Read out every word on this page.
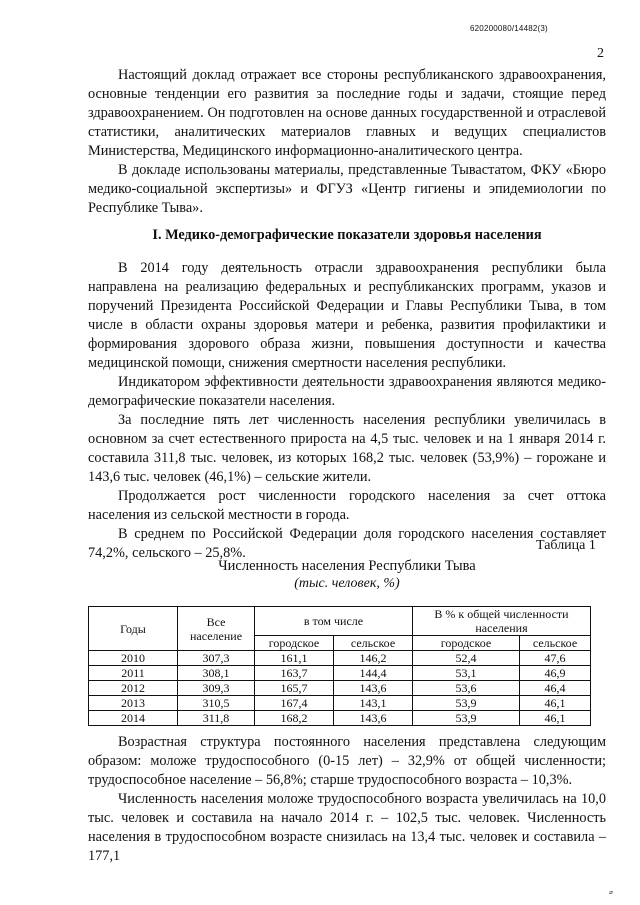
620200080/14482(3)
2

Настоящий доклад отражает все стороны республиканского здравоохранения, основные тенденции его развития за последние годы и задачи, стоящие перед здравоохранением. Он подготовлен на основе данных государственной и отраслевой статистики, аналитических материалов главных и ведущих специалистов Министерства, Медицинского информационно-аналитического центра.

В докладе использованы материалы, представленные Тывастатом, ФКУ «Бюро медико-социальной экспертизы» и ФГУЗ «Центр гигиены и эпидемиологии по Республике Тыва».

I. Медико-демографические показатели здоровья населения

В 2014 году деятельность отрасли здравоохранения республики была направлена на реализацию федеральных и республиканских программ, указов и поручений Президента Российской Федерации и Главы Республики Тыва, в том числе в области охраны здоровья матери и ребенка, развития профилактики и формирования здорового образа жизни, повышения доступности и качества медицинской помощи, снижения смертности населения республики.

Индикатором эффективности деятельности здравоохранения являются медико-демографические показатели населения.

За последние пять лет численность населения республики увеличилась в основном за счет естественного прироста на 4,5 тыс. человек и на 1 января 2014 г. составила 311,8 тыс. человек, из которых 168,2 тыс. человек (53,9%) – горожане и 143,6 тыс. человек (46,1%) – сельские жители.

Продолжается рост численности городского населения за счет оттока населения из сельской местности в города.

В среднем по Российской Федерации доля городского населения составляет 74,2%, сельского – 25,8%.	Таблица 1
Численность населения Республики Тыва
(тыс. человек, %)
Годы	Все население	в том числе		В % к общей численности населения	
		городское	сельское	городское	сельское
2010	307,3	161,1	146,2	52,4	47,6
2011	308,1	163,7	144,4	53,1	46,9
2012	309,3	165,7	143,6	53,6	46,4
2013	310,5	167,4	143,1	53,9	46,1
2014	311,8	168,2	143,6	53,9	46,1

Возрастная структура постоянного населения представлена следующим образом: моложе трудоспособного (0-15 лет) – 32,9% от общей численности; трудоспособное население – 56,8%; старше трудоспособного возраста – 10,3%.

Численность населения моложе трудоспособного возраста увеличилась на 10,0 тыс. человек и составила на начало 2014 г. – 102,5 тыс. человек. Численность населения в трудоспособном возрасте снизилась на 13,4 тыс. человек и составила – 177,1
